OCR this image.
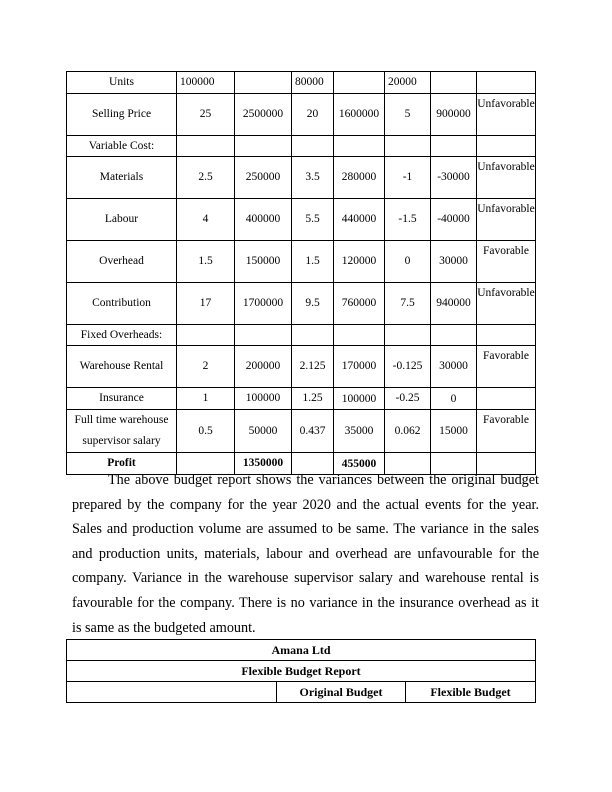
Units	100000		80000		20000		
Selling Price	25	2500000	20	1600000	5	900000	Unfavorable
Variable Cost:							
Materials	2.5	250000	3.5	280000	-1	-30000	Unfavorable
Labour	4	400000	5.5	440000	-1.5	-40000	Unfavorable
Overhead	1.5	150000	1.5	120000	0	30000	Favorable
Contribution	17	1700000	9.5	760000	7.5	940000	Unfavorable
Fixed Overheads:							
Warehouse Rental	2	200000	2.125	170000	-0.125	30000	Favorable
Insurance	1	100000	1.25	100000	-0.25	0	
Full time warehouse supervisor salary	0.5	50000	0.437	35000	0.062	15000	Favorable
Profit		1350000		455000			

The above budget report shows the variances between the original budget prepared by the company for the year 2020 and the actual events for the year. Sales and production volume are assumed to be same. The variance in the sales and production units, materials, labour and overhead are unfavourable for the company. Variance in the warehouse supervisor salary and warehouse rental is favourable for the company. There is no variance in the insurance overhead as it is same as the budgeted amount.

Amana Ltd
Flexible Budget Report
	Original Budget	Flexible Budget
